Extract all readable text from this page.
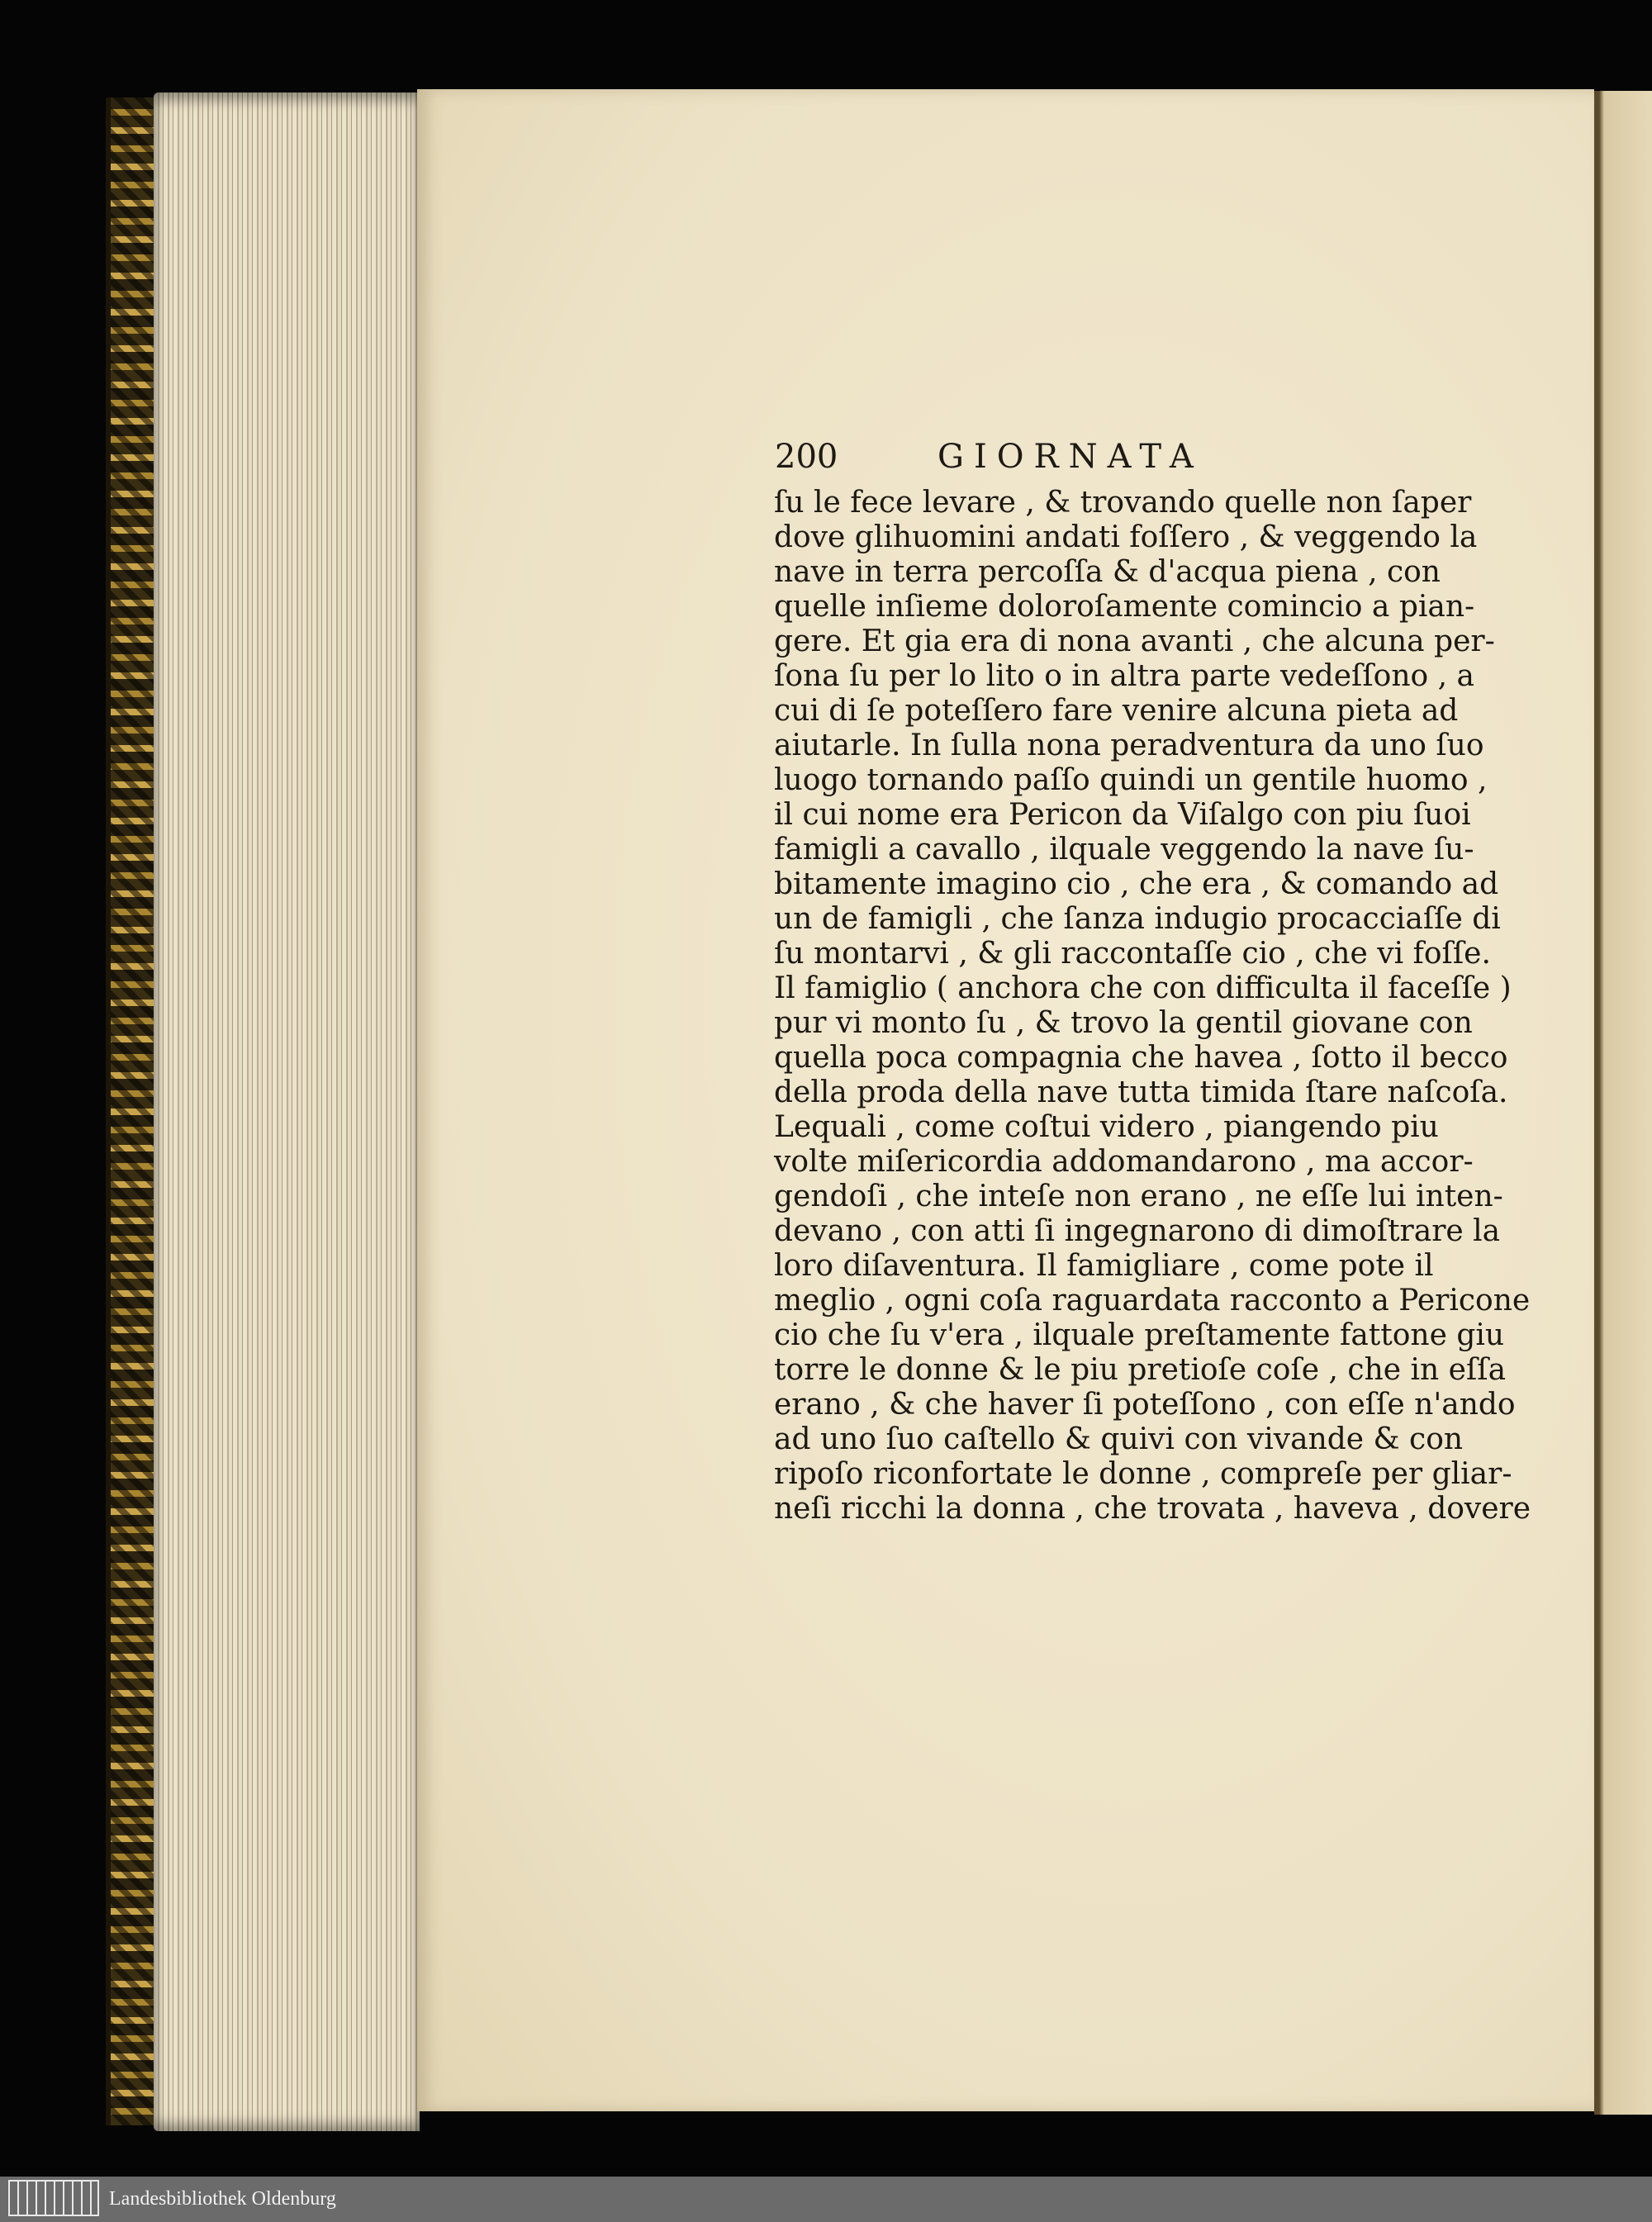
200	GIORNATA
ſu le fece levare , & trovando quelle non ſaper
dove glihuomini andati foſſero , & veggendo la
nave in terra percoſſa & d'acqua piena , con
quelle inſieme doloroſamente comincio a pian-
gere. Et gia era di nona avanti , che alcuna per-
ſona ſu per lo lito o in altra parte vedeſſono , a
cui di ſe poteſſero fare venire alcuna pieta ad
aiutarle. In ſulla nona peradventura da uno ſuo
luogo tornando paſſo quindi un gentile huomo ,
il cui nome era Pericon da Viſalgo con piu ſuoi
famigli a cavallo , ilquale veggendo la nave ſu-
bitamente imagino cio , che era , & comando ad
un de famigli , che ſanza indugio procacciaſſe di
ſu montarvi , & gli raccontaſſe cio , che vi foſſe.
Il famiglio ( anchora che con difficulta il faceſſe )
pur vi monto ſu , & trovo la gentil giovane con
quella poca compagnia che havea , ſotto il becco
della proda della nave tutta timida ſtare naſcoſa.
Lequali , come coſtui videro , piangendo piu
volte miſericordia addomandarono , ma accor-
gendoſi , che inteſe non erano , ne eſſe lui inten-
devano , con atti ſi ingegnarono di dimoſtrare la
loro diſaventura. Il famigliare , come pote il
meglio , ogni coſa raguardata racconto a Pericone
cio che ſu v'era , ilquale preſtamente fattone giu
torre le donne & le piu pretioſe coſe , che in eſſa
erano , & che haver ſi poteſſono , con eſſe n'ando
ad uno ſuo caſtello & quivi con vivande & con
ripoſo riconfortate le donne , compreſe per gliar-
neſi ricchi la donna , che trovata , haveva , dovere
Landesbibliothek Oldenburg
